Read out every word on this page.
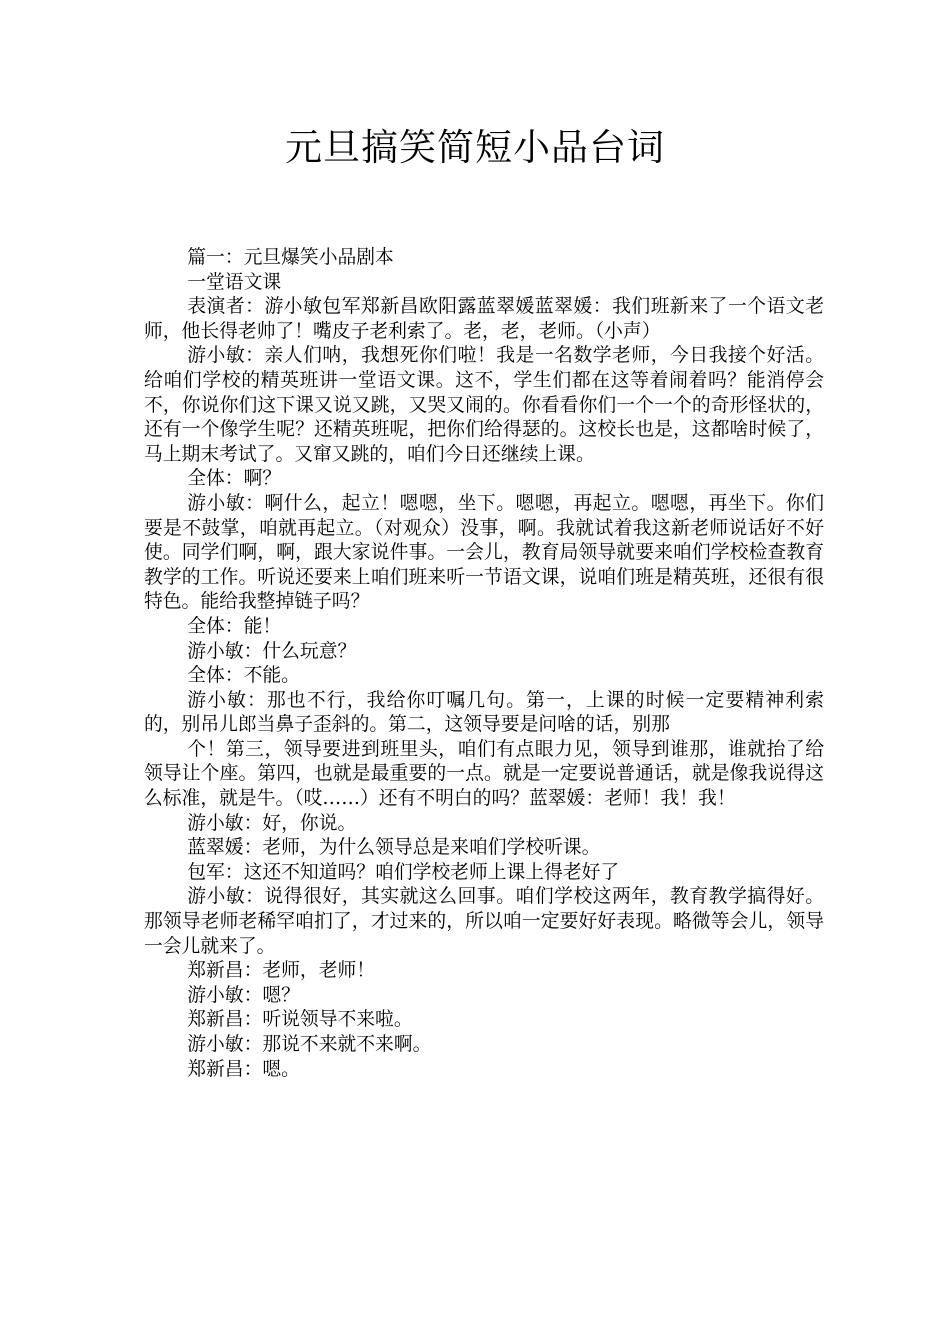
元旦搞笑简短小品台词

篇一：元旦爆笑小品剧本

一堂语文课

表演者：游小敏包军郑新昌欧阳露蓝翠媛蓝翠媛：我们班新来了一个语文老师，他长得老帅了！嘴皮子老利索了。老，老，老师。（小声）

游小敏：亲人们呐，我想死你们啦！我是一名数学老师，今日我接个好活。给咱们学校的精英班讲一堂语文课。这不，学生们都在这等着闹着吗？能消停会不，你说你们这下课又说又跳，又哭又闹的。你看看你们一个一个的奇形怪状的，还有一个像学生呢？还精英班呢，把你们给得瑟的。这校长也是，这都啥时候了，马上期末考试了。又窜又跳的，咱们今日还继续上课。

全体：啊？

游小敏：啊什么，起立！嗯嗯，坐下。嗯嗯，再起立。嗯嗯，再坐下。你们要是不鼓掌，咱就再起立。（对观众）没事，啊。我就试着我这新老师说话好不好使。同学们啊，啊，跟大家说件事。一会儿，教育局领导就要来咱们学校检查教育教学的工作。听说还要来上咱们班来听一节语文课，说咱们班是精英班，还很有很特色。能给我整掉链子吗？

全体：能！

游小敏：什么玩意？

全体：不能。

游小敏：那也不行，我给你叮嘱几句。第一，上课的时候一定要精神利索的，别吊儿郎当鼻子歪斜的。第二，这领导要是问啥的话，别那

个！第三，领导要进到班里头，咱们有点眼力见，领导到谁那，谁就抬了给领导让个座。第四，也就是最重要的一点。就是一定要说普通话，就是像我说得这么标准，就是牛。（哎……）还有不明白的吗？蓝翠媛：老师！我！我！

游小敏：好，你说。

蓝翠媛：老师，为什么领导总是来咱们学校听课。

包军：这还不知道吗？咱们学校老师上课上得老好了

游小敏：说得很好，其实就这么回事。咱们学校这两年，教育教学搞得好。那领导老师老稀罕咱扪了，才过来的，所以咱一定要好好表现。略微等会儿，领导一会儿就来了。

郑新昌：老师，老师！

游小敏：嗯？

郑新昌：听说领导不来啦。

游小敏：那说不来就不来啊。

郑新昌：嗯。
